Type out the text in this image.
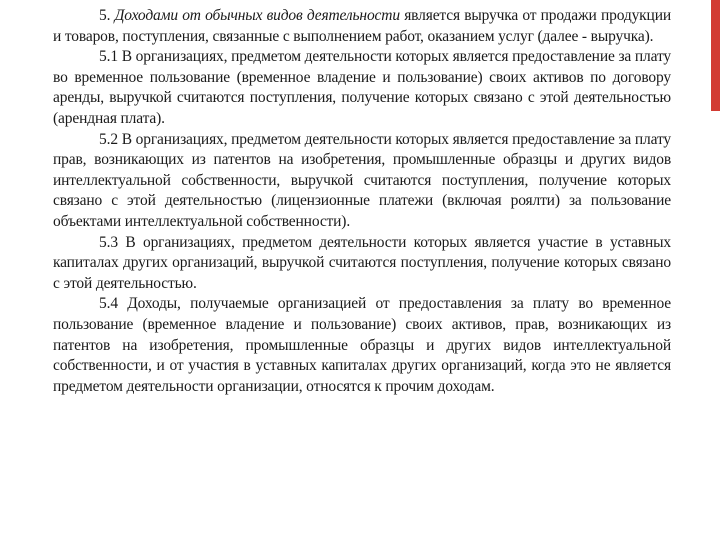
5. Доходами от обычных видов деятельности является выручка от продажи продукции и товаров, поступления, связанные с выполнением работ, оказанием услуг (далее - выручка).

5.1 В организациях, предметом деятельности которых является предоставление за плату во временное пользование (временное владение и пользование) своих активов по договору аренды, выручкой считаются поступления, получение которых связано с этой деятельностью (арендная плата).

5.2 В организациях, предметом деятельности которых является предоставление за плату прав, возникающих из патентов на изобретения, промышленные образцы и других видов интеллектуальной собственности, выручкой считаются поступления, получение которых связано с этой деятельностью (лицензионные платежи (включая роялти) за пользование объектами интеллектуальной собственности).

5.3 В организациях, предметом деятельности которых является участие в уставных капиталах других организаций, выручкой считаются поступления, получение которых связано с этой деятельностью.

5.4 Доходы, получаемые организацией от предоставления за плату во временное пользование (временное владение и пользование) своих активов, прав, возникающих из патентов на изобретения, промышленные образцы и других видов интеллектуальной собственности, и от участия в уставных капиталах других организаций, когда это не является предметом деятельности организации, относятся к прочим доходам.
